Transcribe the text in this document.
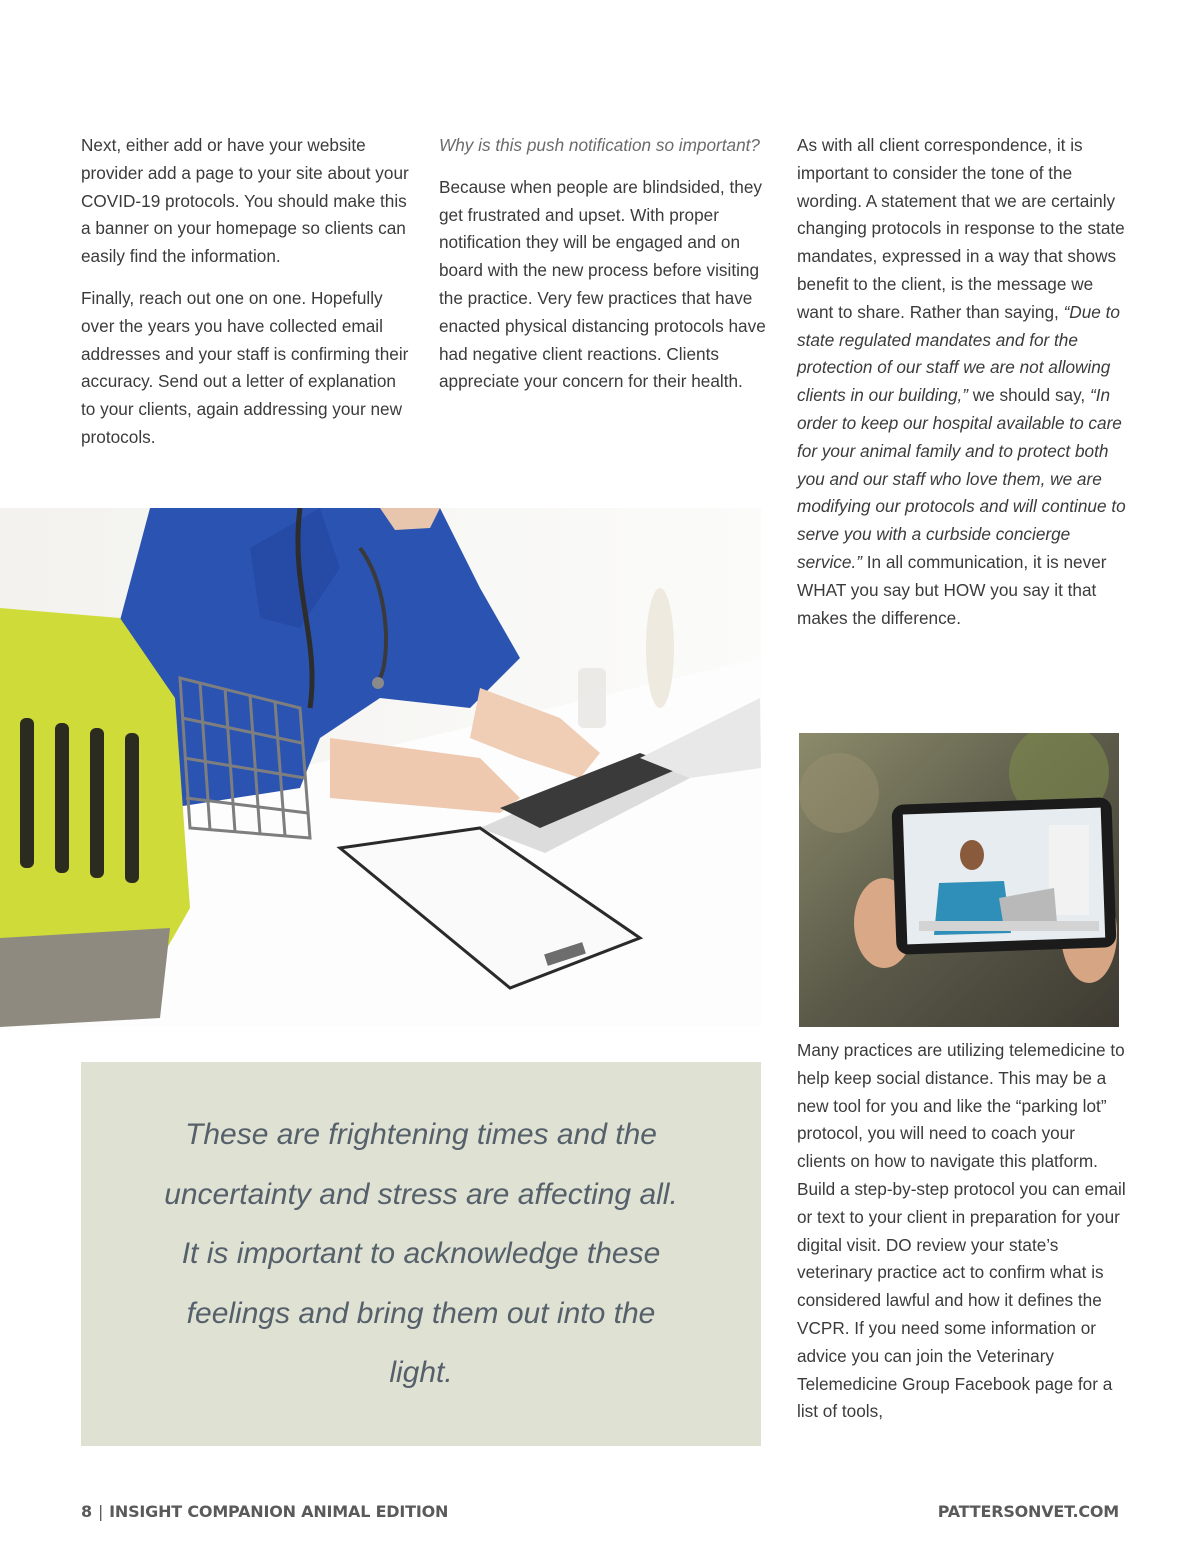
Next, either add or have your website provider add a page to your site about your COVID-19 protocols. You should make this a banner on your homepage so clients can easily find the information.

Finally, reach out one on one. Hopefully over the years you have collected email addresses and your staff is confirming their accuracy. Send out a letter of explanation to your clients, again addressing your new protocols.

Why is this push notification so important?

Because when people are blindsided, they get frustrated and upset. With proper notification they will be engaged and on board with the new process before visiting the practice. Very few practices that have enacted physical distancing protocols have had negative client reactions. Clients appreciate your concern for their health.

As with all client correspondence, it is important to consider the tone of the wording. A statement that we are certainly changing protocols in response to the state mandates, expressed in a way that shows benefit to the client, is the message we want to share. Rather than saying, “Due to state regulated mandates and for the protection of our staff we are not allowing clients in our building,” we should say, “In order to keep our hospital available to care for your animal family and to protect both you and our staff who love them, we are modifying our protocols and will continue to serve you with a curbside concierge service.” In all communication, it is never WHAT you say but HOW you say it that makes the difference.

Many practices are utilizing telemedicine to help keep social distance. This may be a new tool for you and like the “parking lot” protocol, you will need to coach your clients on how to navigate this platform. Build a step-by-step protocol you can email or text to your client in preparation for your digital visit. DO review your state’s veterinary practice act to confirm what is considered lawful and how it defines the VCPR. If you need some information or advice you can join the Veterinary Telemedicine Group Facebook page for a list of tools,

These are frightening times and the uncertainty and stress are affecting all. It is important to acknowledge these feelings and bring them out into the light.

8 | INSIGHT COMPANION ANIMAL EDITION	PATTERSONVET.COM
